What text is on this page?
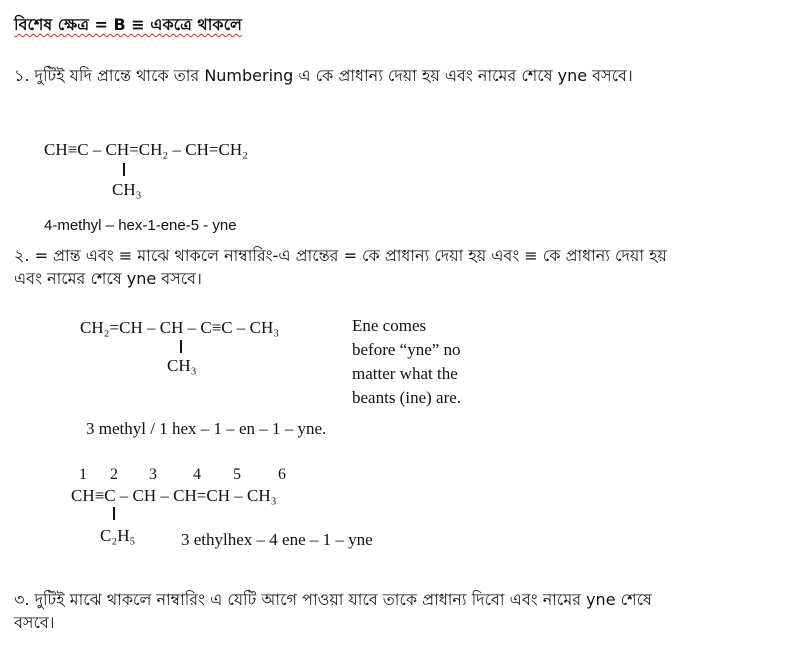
বিশেষ ক্ষেত্র = B ≡ একত্রে থাকলে
১. দুটিই যদি প্রান্তে থাকে তার Numbering এ কে প্রাধান্য দেয়া হয় এবং নামের শেষে yne বসবে।
CH≡C – CH=CH₂ – CH=CH₂
CH₃
4-methyl – hex-1-ene-5 - yne
২. = প্রান্ত এবং ≡ মাঝে থাকলে নাম্বারিং-এ প্রান্তের = কে প্রাধান্য দেয়া হয় এবং ≡ কে প্রাধান্য দেয়া হয়
এবং নামের শেষে yne বসবে।
CH₂=CH – CH – C≡C – CH₃
CH₃
Ene comes
before “yne” no
matter what the
beants (ine) are.
3 methyl / 1 hex – 1 – en – 1 – yne.
1 2 3 4 5 6
CH≡C – CH – CH=CH – CH₃
C₂H₅	3 ethylhex – 4 ene – 1 – yne
৩. দুটিই মাঝে থাকলে নাম্বারিং এ যেটি আগে পাওয়া যাবে তাকে প্রাধান্য দিবো এবং নামের yne শেষে
বসবে।
